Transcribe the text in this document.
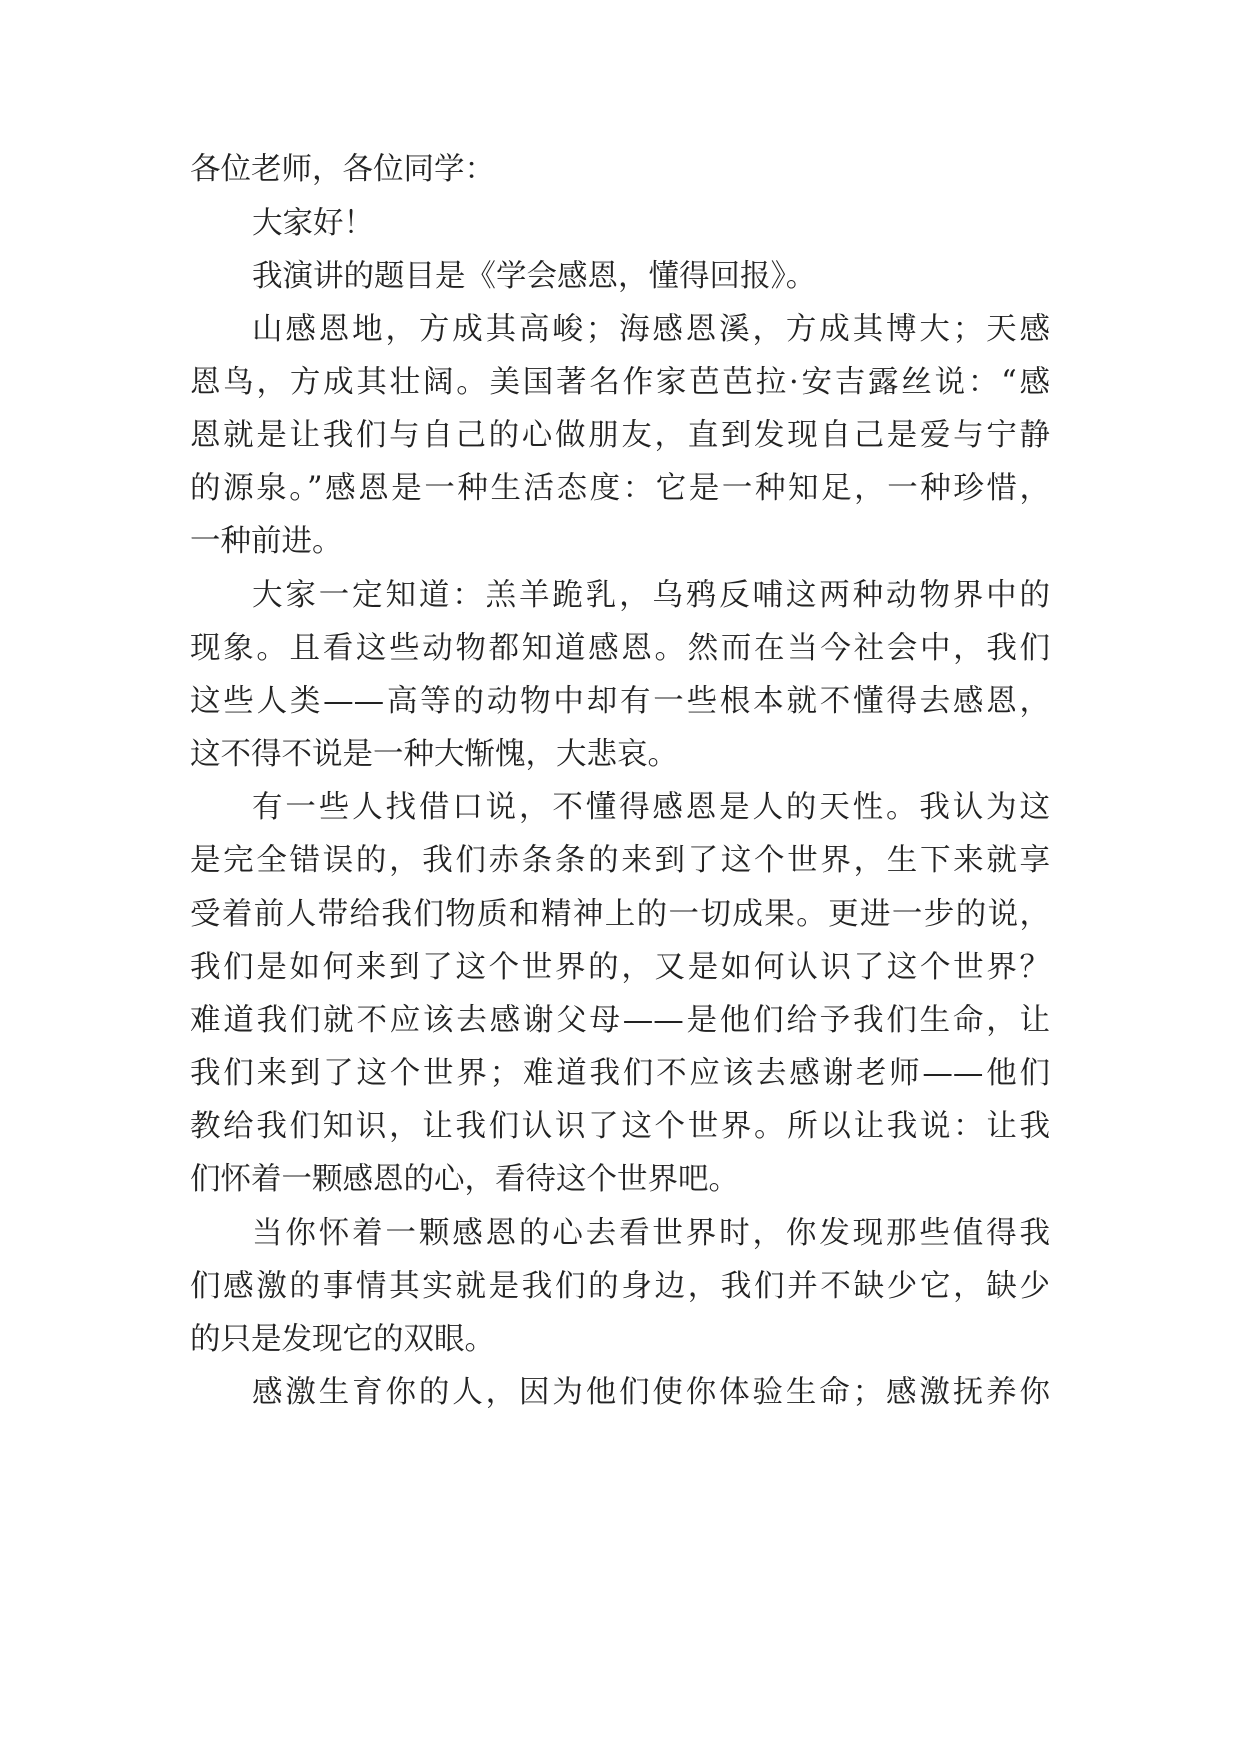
各位老师，各位同学：
大家好！
我演讲的题目是《学会感恩，懂得回报》。
山感恩地，方成其高峻；海感恩溪，方成其博大；天感
恩鸟，方成其壮阔。美国著名作家芭芭拉·安吉露丝说：“感
恩就是让我们与自己的心做朋友，直到发现自己是爱与宁静
的源泉。”感恩是一种生活态度：它是一种知足，一种珍惜，
一种前进。
大家一定知道：羔羊跪乳，乌鸦反哺这两种动物界中的
现象。且看这些动物都知道感恩。然而在当今社会中，我们
这些人类——高等的动物中却有一些根本就不懂得去感恩，
这不得不说是一种大惭愧，大悲哀。
有一些人找借口说，不懂得感恩是人的天性。我认为这
是完全错误的，我们赤条条的来到了这个世界，生下来就享
受着前人带给我们物质和精神上的一切成果。更进一步的说，
我们是如何来到了这个世界的，又是如何认识了这个世界？
难道我们就不应该去感谢父母——是他们给予我们生命，让
我们来到了这个世界；难道我们不应该去感谢老师——他们
教给我们知识，让我们认识了这个世界。所以让我说：让我
们怀着一颗感恩的心，看待这个世界吧。
当你怀着一颗感恩的心去看世界时，你发现那些值得我
们感激的事情其实就是我们的身边，我们并不缺少它，缺少
的只是发现它的双眼。
感激生育你的人，因为他们使你体验生命；感激抚养你
